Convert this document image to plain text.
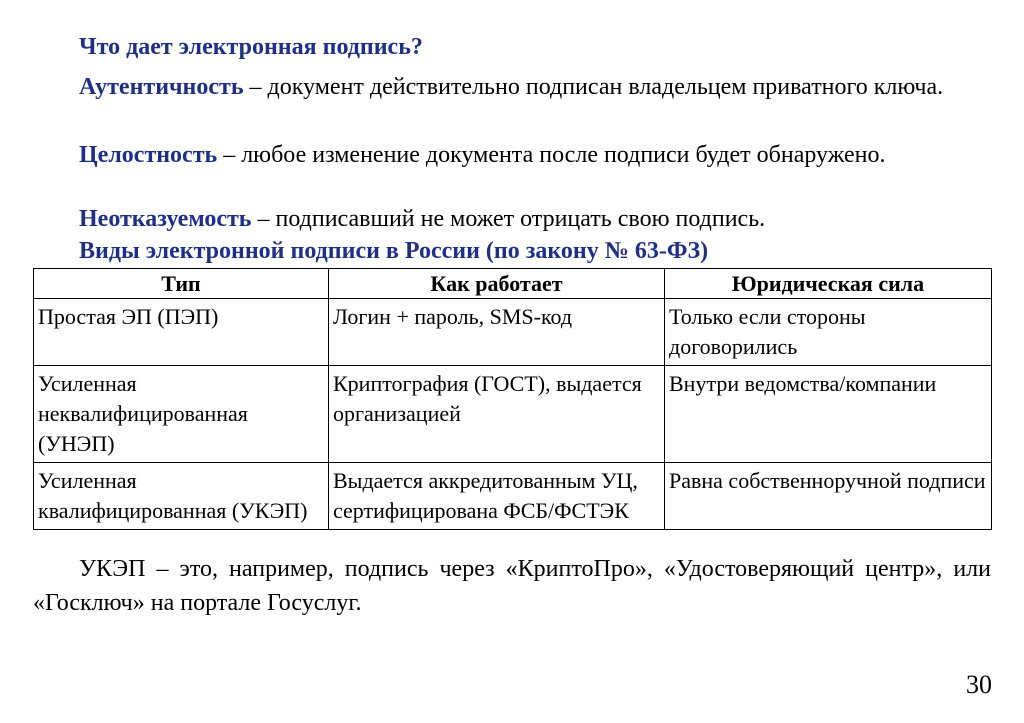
Что дает электронная подпись?
Аутентичность – документ действительно подписан владельцем приватного ключа.
Целостность – любое изменение документа после подписи будет обнаружено.
Неотказуемость – подписавший не может отрицать свою подпись.
Виды электронной подписи в России (по закону № 63-ФЗ)
Тип	Как работает	Юридическая сила
Простая ЭП (ПЭП)	Логин + пароль, SMS-код	Только если стороны договорились
Усиленная неквалифицированная (УНЭП)	Криптография (ГОСТ), выдается организацией	Внутри ведомства/компании
Усиленная квалифицированная (УКЭП)	Выдается аккредитованным УЦ, сертифицирована ФСБ/ФСТЭК	Равна собственноручной подписи
УКЭП – это, например, подпись через «КриптоПро», «Удостоверяющий центр», или «Госключ» на портале Госуслуг.
30
